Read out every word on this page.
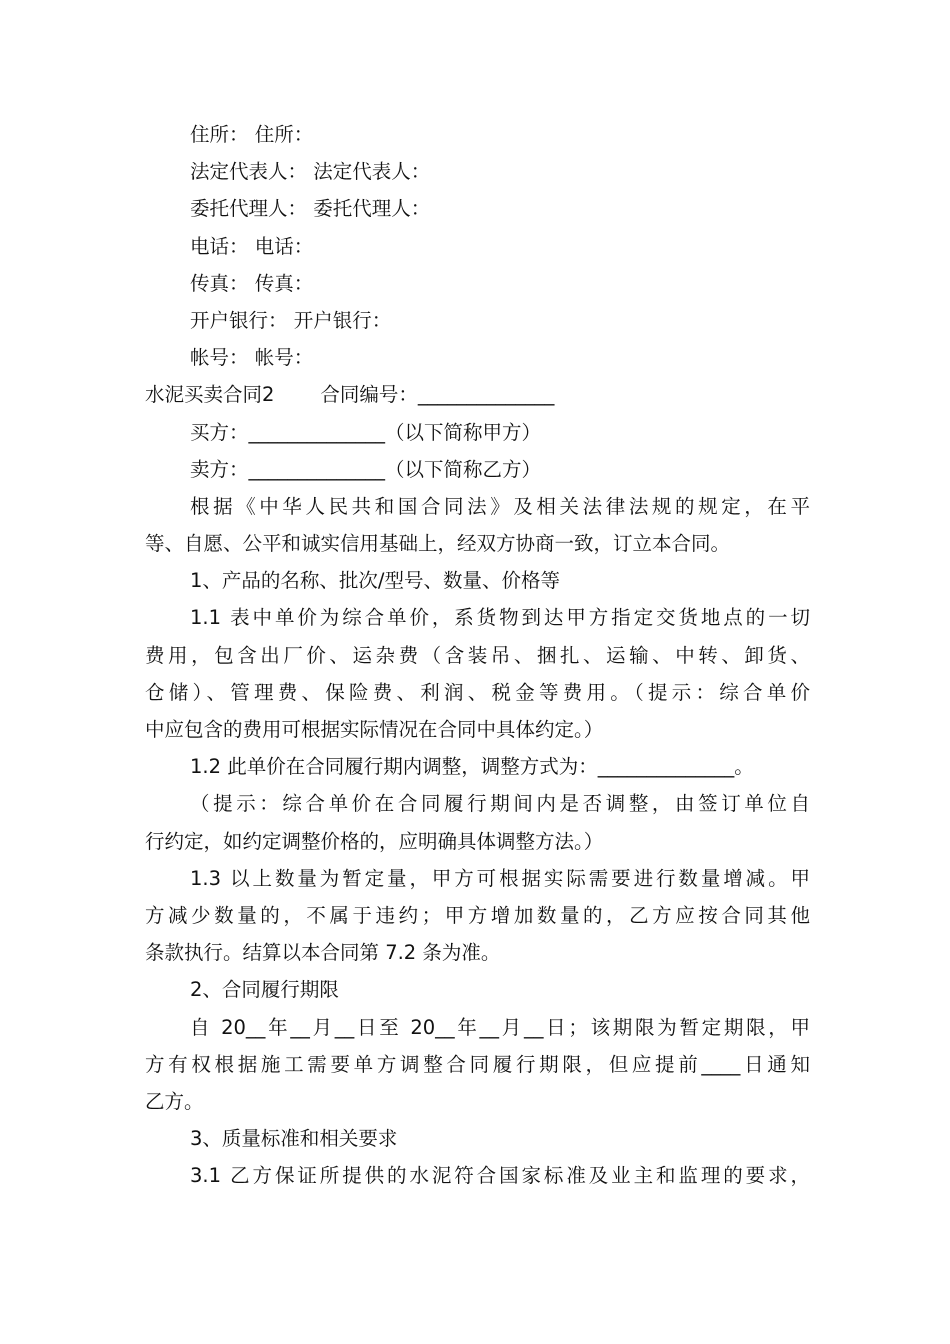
住所： 住所：
法定代表人： 法定代表人：
委托代理人： 委托代理人：
电话： 电话：
传真： 传真：
开户银行： 开户银行：
帐号： 帐号：
水泥买卖合同2 合同编号：______________
买方：______________（以下简称甲方）
卖方：______________（以下简称乙方）
根据《中华人民共和国合同法》及相关法律法规的规定，在平
等、自愿、公平和诚实信用基础上，经双方协商一致，订立本合同。
1、产品的名称、批次/型号、数量、价格等
1.1 表中单价为综合单价，系货物到达甲方指定交货地点的一切
费用，包含出厂价、运杂费（含装吊、捆扎、运输、中转、卸货、
仓储）、管理费、保险费、利润、税金等费用。（提示：综合单价
中应包含的费用可根据实际情况在合同中具体约定。）
1.2 此单价在合同履行期内调整，调整方式为：______________。
（提示：综合单价在合同履行期间内是否调整，由签订单位自
行约定，如约定调整价格的，应明确具体调整方法。）
1.3 以上数量为暂定量，甲方可根据实际需要进行数量增减。甲
方减少数量的，不属于违约；甲方增加数量的，乙方应按合同其他
条款执行。结算以本合同第 7.2 条为准。
2、合同履行期限
自 20__年__月__日至 20__年__月__日；该期限为暂定期限，甲
方有权根据施工需要单方调整合同履行期限，但应提前____日通知
乙方。
3、质量标准和相关要求
3.1 乙方保证所提供的水泥符合国家标准及业主和监理的要求，
